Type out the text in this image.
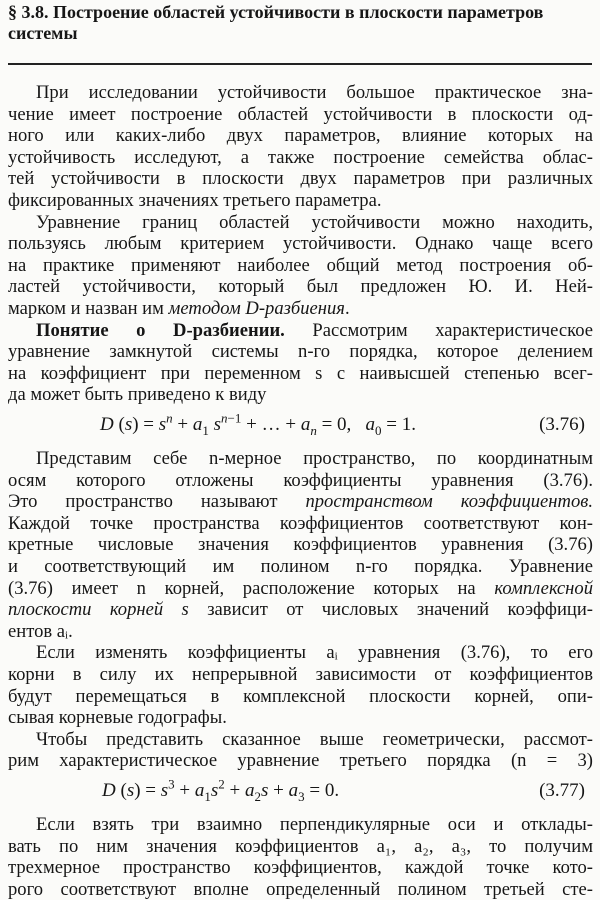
§ 3.8. Построение областей устойчивости в плоскости параметров системы
При исследовании устойчивости большое практическое зна-
чение имеет построение областей устойчивости в плоскости од-
ного или каких-либо двух параметров, влияние которых на
устойчивость исследуют, а также построение семейства облас-
тей устойчивости в плоскости двух параметров при различных
фиксированных значениях третьего параметра.
Уравнение границ областей устойчивости можно находить,
пользуясь любым критерием устойчивости. Однако чаще всего
на практике применяют наиболее общий метод построения об-
ластей устойчивости, который был предложен Ю. И. Ней-
марком и назван им методом D-разбиения.
Понятие о D-разбиении. Рассмотрим характеристическое
уравнение замкнутой системы n-го порядка, которое делением
на коэффициент при переменном s с наивысшей степенью всег-
да может быть приведено к виду
D $(s) = s^n + a_1$ $s^{n-1}$ + … + $a_n = 0$,   $a_0 = 1$.	(3.76)
Представим себе n-мерное пространство, по координатным
осям которого отложены коэффициенты уравнения (3.76).
Это пространство называют пространством коэффициентов.
Каждой точке пространства коэффициентов соответствуют кон-
кретные числовые значения коэффициентов уравнения (3.76)
и соответствующий им полином n-го порядка. Уравнение
(3.76) имеет n корней, расположение которых на комплексной
плоскости корней s зависит от числовых значений коэффици-
ентов aᵢ.
Если изменять коэффициенты aᵢ уравнения (3.76), то его
корни в силу их непрерывной зависимости от коэффициентов
будут перемещаться в комплексной плоскости корней, опи-
сывая корневые годографы.
Чтобы представить сказанное выше геометрически, рассмот-
рим характеристическое уравнение третьего порядка (n = 3)
D $(s) = s^3 + a_1s^2 + a_2s + a_3 = 0$.	(3.77)
Если взять три взаимно перпендикулярные оси и отклады-
вать по ним значения коэффициентов a₁, a₂, a₃, то получим
трехмерное пространство коэффициентов, каждой точке кото-
рого соответствуют вполне определенный полином третьей сте-
